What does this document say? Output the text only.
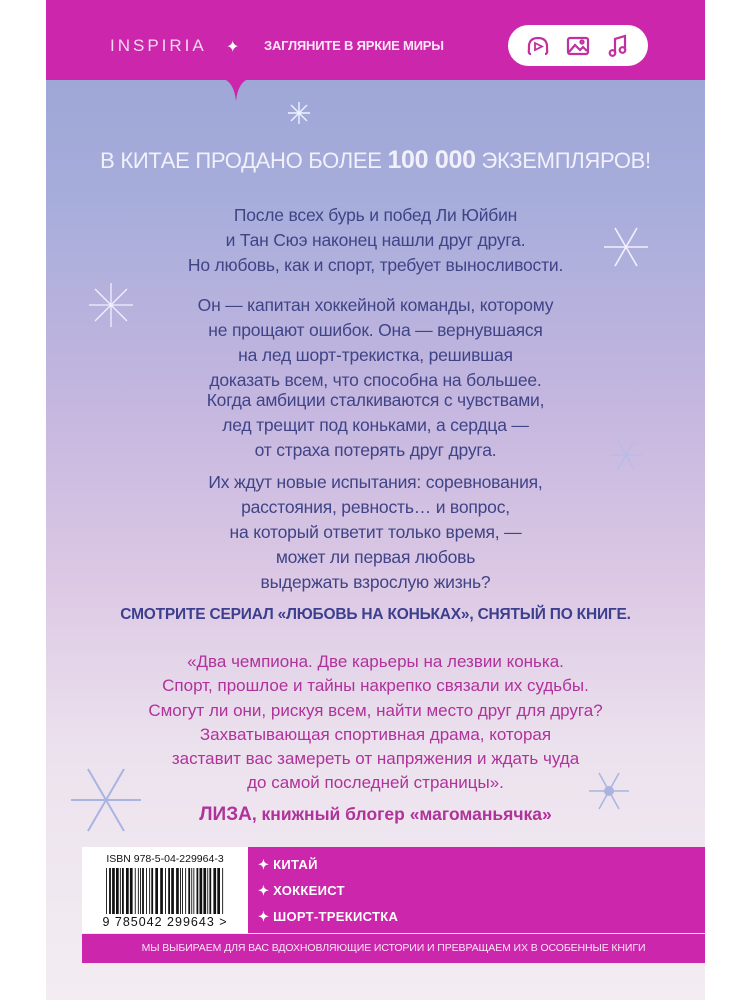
INSPIRIA ✦ ЗАГЛЯНИТЕ В ЯРКИЕ МИРЫ
В КИТАЕ ПРОДАНО БОЛЕЕ 100 000 ЭКЗЕМПЛЯРОВ!
После всех бурь и побед Ли Юйбин
и Тан Сюэ наконец нашли друг друга.
Но любовь, как и спорт, требует выносливости.
Он — капитан хоккейной команды, которому
не прощают ошибок. Она — вернувшаяся
на лед шорт-трекистка, решившая
доказать всем, что способна на большее.
Когда амбиции сталкиваются с чувствами,
лед трещит под коньками, а сердца —
от страха потерять друг друга.
Их ждут новые испытания: соревнования,
расстояния, ревность… и вопрос,
на который ответит только время, —
может ли первая любовь
выдержать взрослую жизнь?
СМОТРИТЕ СЕРИАЛ «ЛЮБОВЬ НА КОНЬКАХ», СНЯТЫЙ ПО КНИГЕ.
«Два чемпиона. Две карьеры на лезвии конька.
Спорт, прошлое и тайны накрепко связали их судьбы.
Смогут ли они, рискуя всем, найти место друг для друга?
Захватывающая спортивная драма, которая
заставит вас замереть от напряжения и ждать чуда
до самой последней страницы».
ЛИЗА, книжный блогер «магоманьячка»
ISBN 978-5-04-229964-3
9 785042 299643 >
✦ КИТАЙ
✦ ХОККЕИСТ
✦ ШОРТ-ТРЕКИСТКА
МЫ ВЫБИРАЕМ ДЛЯ ВАС ВДОХНОВЛЯЮЩИЕ ИСТОРИИ И ПРЕВРАЩАЕМ ИХ В ОСОБЕННЫЕ КНИГИ
